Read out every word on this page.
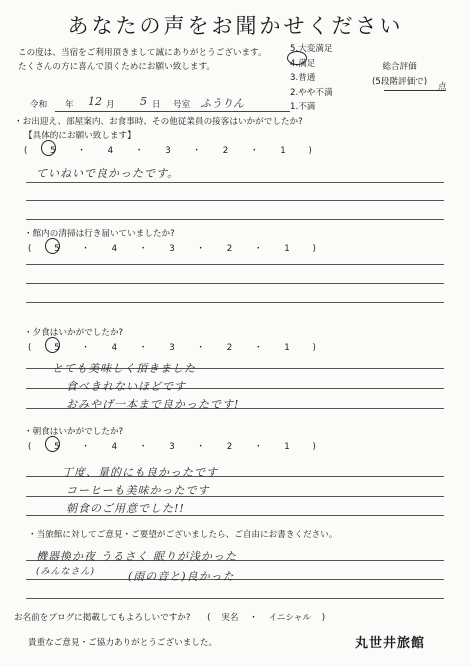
あなたの声をお聞かせください
この度は、当宿をご利用頂きまして誠にありがとうございます。
たくさんの方に喜んで頂くためにお願い致します。
5.大変満足
4.満足
3.普通
2.やや不満
1.不満
総合評価
(5段階評価で)
点
令和 年 12 月 5 日 号室 ふうりん
・お出迎え、部屋案内、お食事時、その他従業員の接客はいかがでしたか?
【具体的にお願い致します】
(	5	・	4	・	3	・	2	・	1	)
ていねいで良かったです。
・館内の清掃は行き届いていましたか?
(	5	・	4	・	3	・	2	・	1	)
・夕食はいかがでしたか?
(	5	・	4	・	3	・	2	・	1	)
とても美味しく頂きました
食べきれないほどです
おみやげ一本まで良かったです!
・朝食はいかがでしたか?
(	5	・	4	・	3	・	2	・	1	)
丁度、量的にも良かったです
コーヒーも美味かったです
朝食のご用意でした!!
・当旅館に対してご意見・ご要望がございましたら、ご自由にお書きください。
機器換か夜 うるさく 眠りが浅かった
(みんなさん)	(雨の音と)良かった
お名前をブログに掲載してもよろしいですか? ( 実名 ・ イニシャル )
貴重なご意見・ご協力ありがとうございました。	丸世井旅館
